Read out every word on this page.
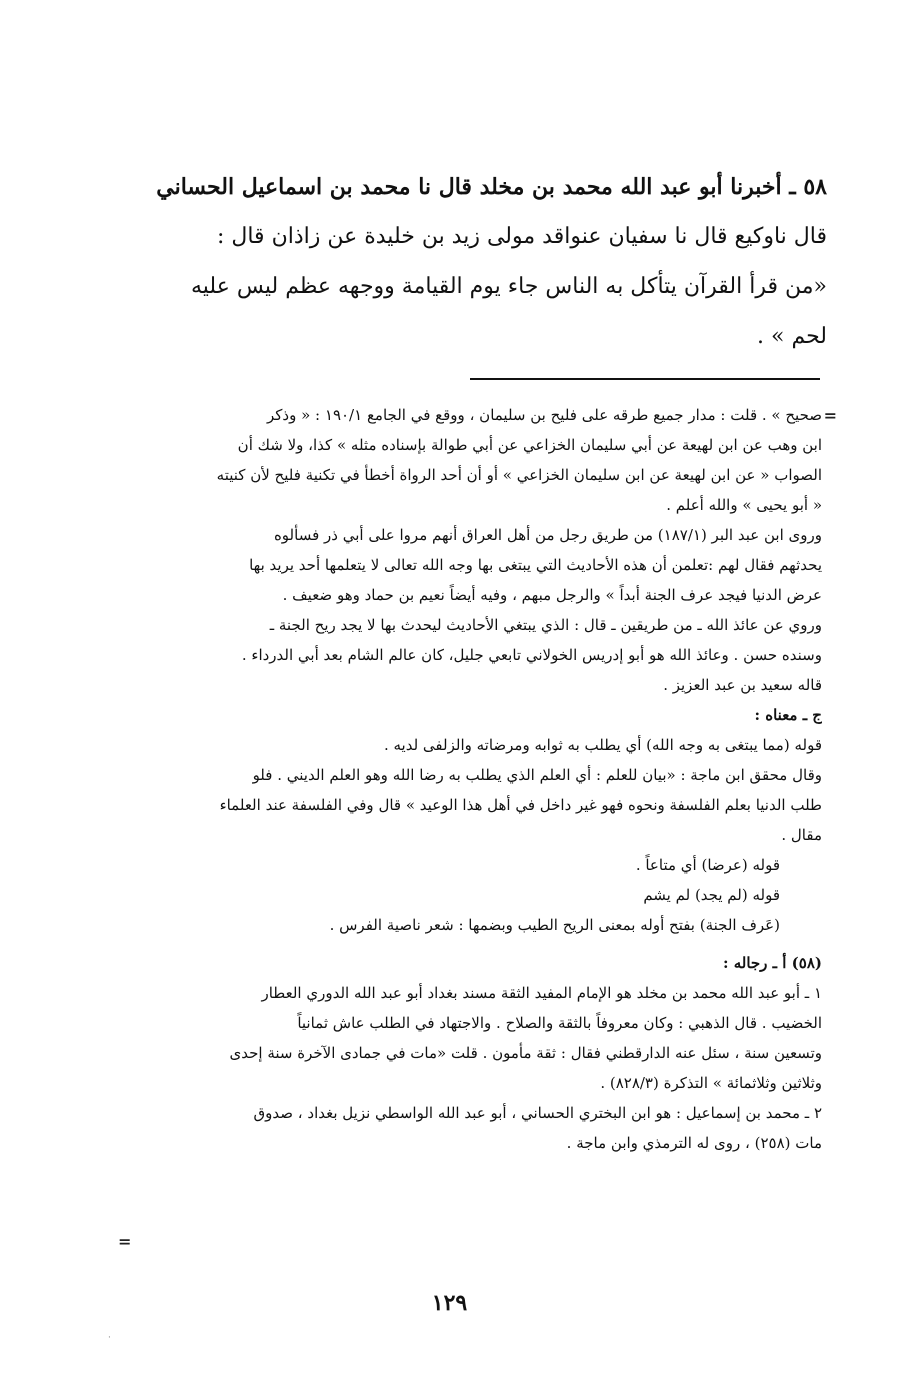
٥٨ ـ أخبرنا أبو عبد الله محمد بن مخلد قال نا محمد بن اسماعيل الحساني
قال ناوكيع قال نا سفيان عنواقد مولى زيد بن خليدة عن زاذان قال :
«من قرأ القرآن يتأكل به الناس جاء يوم القيامة ووجهه عظم ليس عليه
لحم » .
=
صحيح » . قلت : مدار جميع طرقه على فليح بن سليمان ، ووقع في الجامع ١٩٠/١ : « وذكر
ابن وهب عن ابن لهيعة عن أبي سليمان الخزاعي عن أبي طوالة بإسناده مثله » كذا، ولا شك أن
الصواب « عن ابن لهيعة عن ابن سليمان الخزاعي » أو أن أحد الرواة أخطأ في تكنية فليح لأن كنيته
« أبو يحيى » والله أعلم .
وروى ابن عبد البر (١٨٧/١) من طريق رجل من أهل العراق أنهم مروا على أبي ذر فسألوه
يحدثهم فقال لهم :تعلمن أن هذه الأحاديث التي يبتغى بها وجه الله تعالى لا يتعلمها أحد يريد بها
عرض الدنيا فيجد عرف الجنة أبداً » والرجل مبهم ، وفيه أيضاً نعيم بن حماد وهو ضعيف .
وروي عن عائذ الله ـ من طريقين ـ قال : الذي يبتغي الأحاديث ليحدث بها لا يجد ريح الجنة ـ
وسنده حسن . وعائذ الله هو أبو إدريس الخولاني تابعي جليل، كان عالم الشام بعد أبي الدرداء .
قاله سعيد بن عبد العزيز .
ج ـ معناه :
قوله (مما يبتغى به وجه الله) أي يطلب به ثوابه ومرضاته والزلفى لديه .
وقال محقق ابن ماجة : «بيان للعلم : أي العلم الذي يطلب به رضا الله وهو العلم الديني . فلو
طلب الدنيا بعلم الفلسفة ونحوه فهو غير داخل في أهل هذا الوعيد » قال وفي الفلسفة عند العلماء
مقال .
قوله (عرضا) أي متاعاً .
قوله (لم يجد) لم يشم
(عَرف الجنة) بفتح أوله بمعنى الريح الطيب وبضمها : شعر ناصية الفرس .
(٥٨) أ ـ رجاله :
١ ـ أبو عبد الله محمد بن مخلد هو الإمام المفيد الثقة مسند بغداد أبو عبد الله الدوري العطار
الخضيب . قال الذهبي : وكان معروفاً بالثقة والصلاح . والاجتهاد في الطلب عاش ثمانياً
وتسعين سنة ، سئل عنه الدارقطني فقال : ثقة مأمون . قلت «مات في جمادى الآخرة سنة إحدى
وثلاثين وثلاثمائة » التذكرة (٨٢٨/٣) .
٢ ـ محمد بن إسماعيل : هو ابن البختري الحساني ، أبو عبد الله الواسطي نزيل بغداد ، صدوق
مات (٢٥٨) ، روى له الترمذي وابن ماجة .
=
١٢٩
·
